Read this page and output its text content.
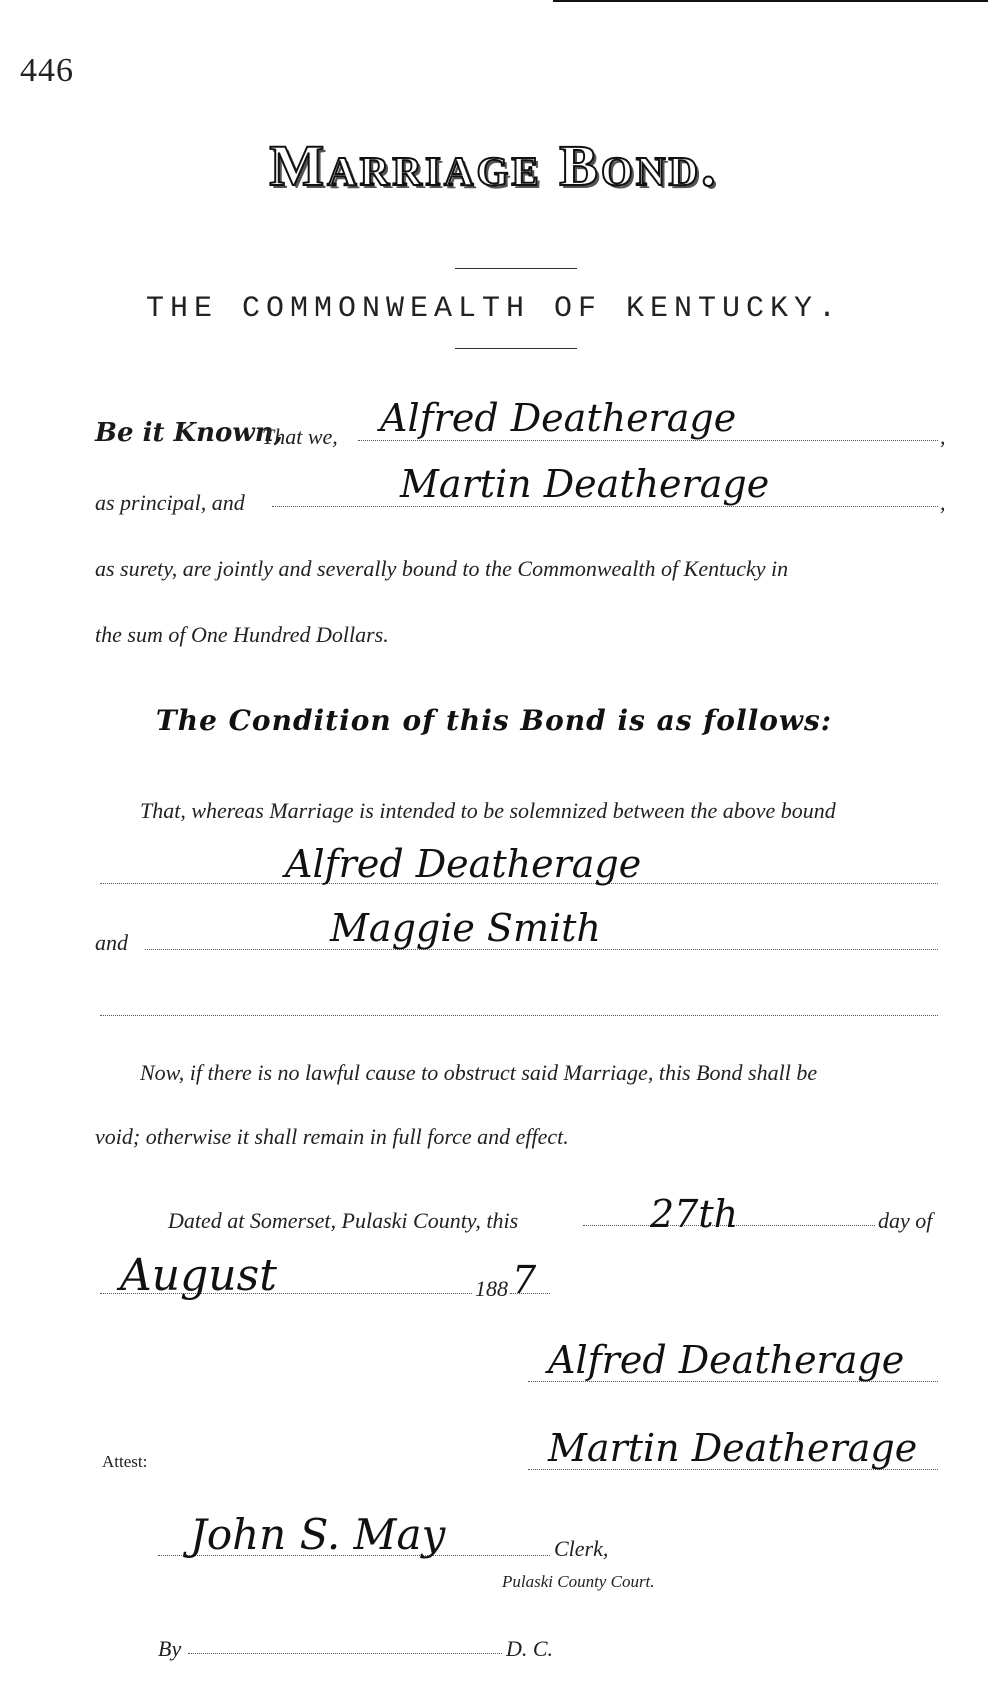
446
Marriage Bond.
THE COMMONWEALTH OF KENTUCKY.
Be it Known,
That we, Alfred Deatherage	,
as principal, and	Martin Deatherage	,
as surety, are jointly and severally bound to the Commonwealth of Kentucky in
the sum of One Hundred Dollars.
The Condition of this Bond is as follows:
That, whereas Marriage is intended to be solemnized between the above bound
Alfred Deatherage
and	Maggie Smith
Now, if there is no lawful cause to obstruct said Marriage, this Bond shall be
void; otherwise it shall remain in full force and effect.
Dated at Somerset, Pulaski County, this	27th	day of
August	188 7
Alfred Deatherage
Attest:	Martin Deatherage
John S. May	Clerk,
Pulaski County Court.
By	D. C.
